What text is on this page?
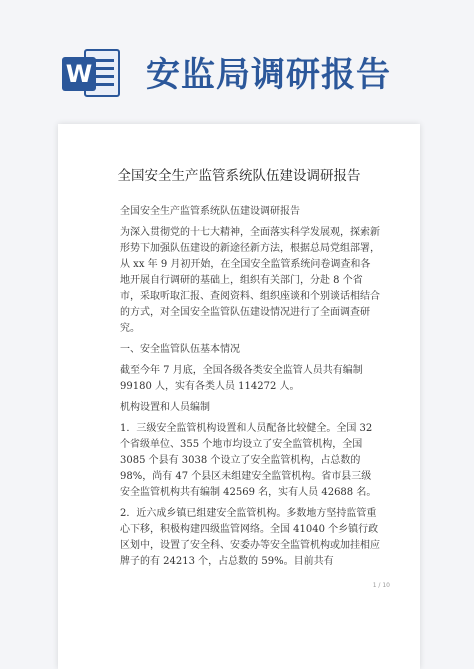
W 安监局调研报告
全国安全生产监管系统队伍建设调研报告

全国安全生产监管系统队伍建设调研报告

为深入贯彻党的十七大精神，全面落实科学发展观，探索新形势下加强队伍建设的新途径新方法，根据总局党组部署，从 xx 年 9 月初开始，在全国安全监管系统问卷调查和各地开展自行调研的基础上，组织有关部门，分赴 8 个省市，采取听取汇报、查阅资料、组织座谈和个别谈话相结合的方式，对全国安全监管队伍建设情况进行了全面调查研究。

一、安全监管队伍基本情况

截至今年 7 月底，全国各级各类安全监管人员共有编制 99180 人，实有各类人员 114272 人。

机构设置和人员编制

1．三级安全监管机构设置和人员配备比较健全。全国 32 个省级单位、355 个地市均设立了安全监管机构，全国 3085 个县有 3038 个设立了安全监管机构，占总数的 98%，尚有 47 个县区未组建安全监管机构。省市县三级安全监管机构共有编制 42569 名，实有人员 42688 名。

2．近六成乡镇已组建安全监管机构。多数地方坚持监管重心下移，积极构建四级监管网络。全国 41040 个乡镇行政区划中，设置了安全科、安委办等安全监管机构或加挂相应牌子的有 24213 个，占总数的 59%。目前共有

1 / 10
